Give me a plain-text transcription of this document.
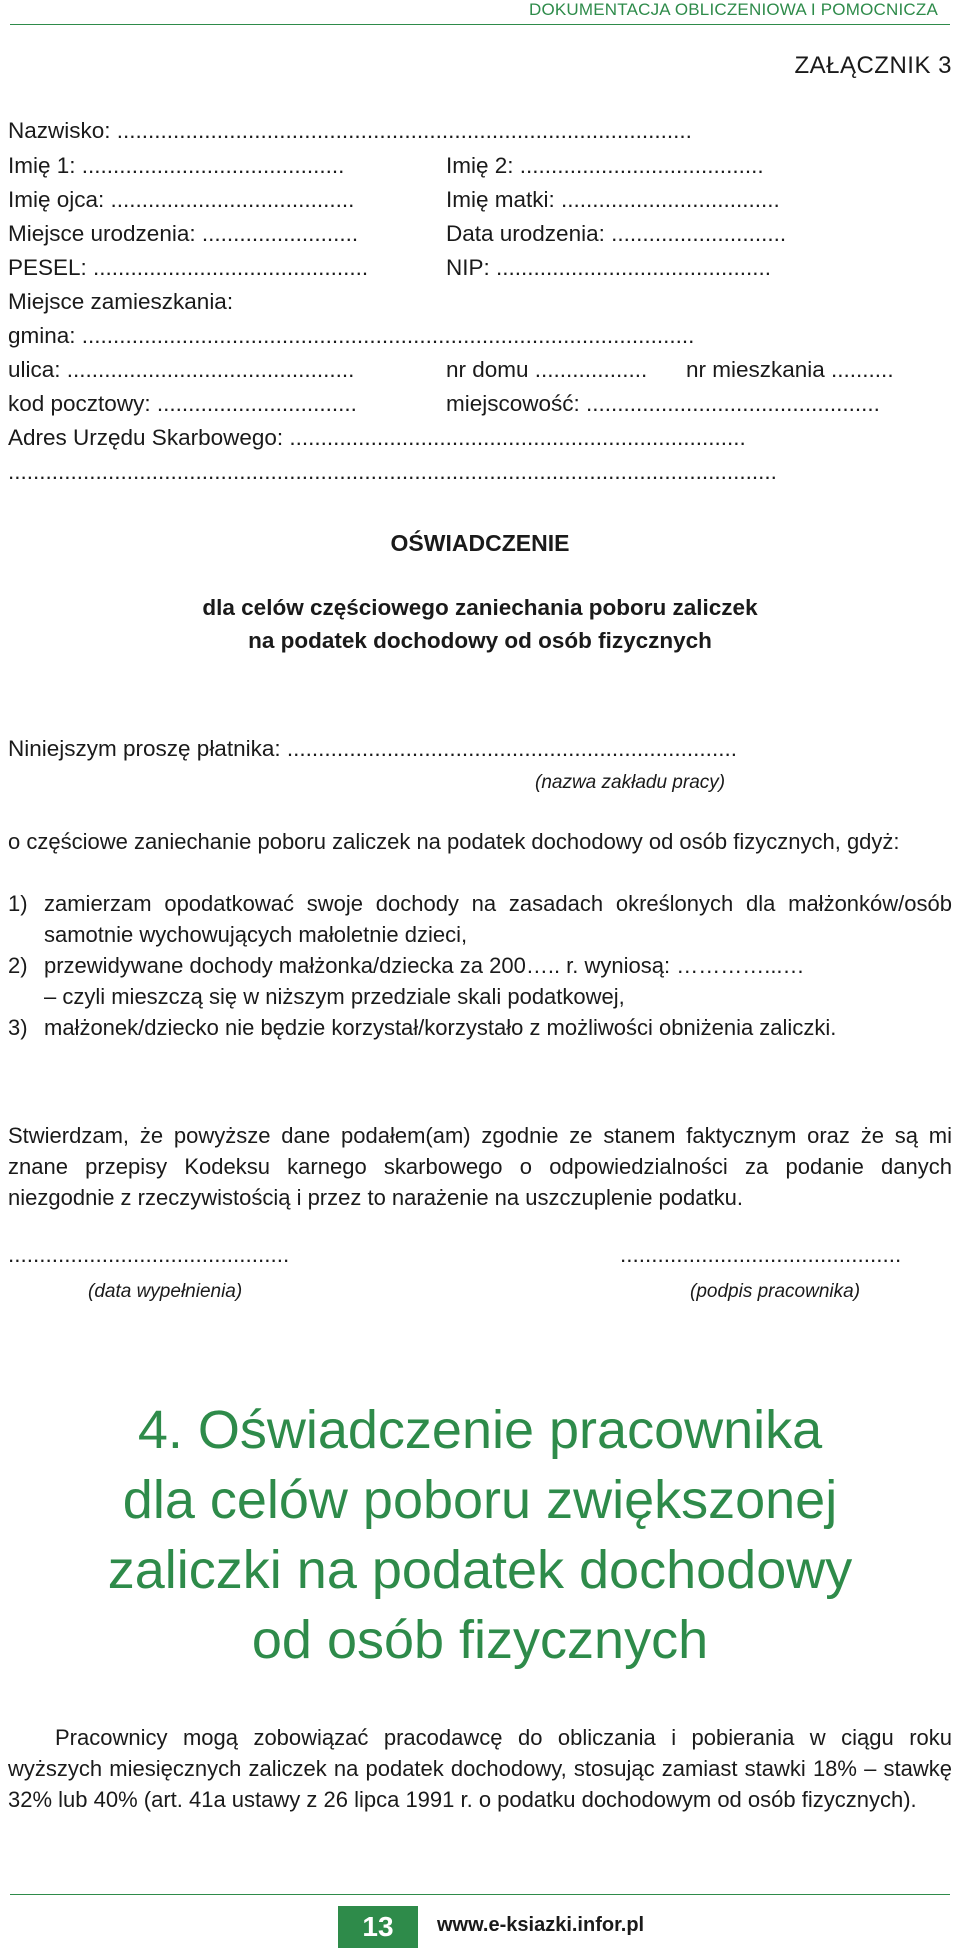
DOKUMENTACJA OBLICZENIOWA I POMOCNICZA
ZAŁĄCZNIK 3
Nazwisko: ............................................................................................
Imię 1: ..........................................	Imię 2: .......................................
Imię ojca: .......................................	Imię matki: ...................................
Miejsce urodzenia: .........................	Data urodzenia: ............................
PESEL: ............................................	NIP: ............................................
Miejsce zamieszkania:
gmina: ..................................................................................................
ulica: ..............................................	nr domu .................. nr mieszkania ..........
kod pocztowy: ................................	miejscowość: ...............................................
Adres Urzędu Skarbowego: .........................................................................
...........................................................................................................................
OŚWIADCZENIE
dla celów częściowego zaniechania poboru zaliczek
na podatek dochodowy od osób fizycznych
Niniejszym proszę płatnika: ........................................................................
(nazwa zakładu pracy)
o częściowe zaniechanie poboru zaliczek na podatek dochodowy od osób fizycznych, gdyż:
1) zamierzam opodatkować swoje dochody na zasadach określonych dla małżonków/osób samotnie wychowujących małoletnie dzieci,
2) przewidywane dochody małżonka/dziecka za 200….. r. wyniosą: …………...…
– czyli mieszczą się w niższym przedziale skali podatkowej,
3) małżonek/dziecko nie będzie korzystał/korzystało z możliwości obniżenia zaliczki.
Stwierdzam, że powyższe dane podałem(am) zgodnie ze stanem faktycznym oraz że są mi znane przepisy Kodeksu karnego skarbowego o odpowiedzialności za podanie danych niezgodnie z rzeczywistością i przez to narażenie na uszczuplenie podatku.
.............................................	.............................................
(data wypełnienia)	(podpis pracownika)
4. Oświadczenie pracownika
dla celów poboru zwiększonej
zaliczki na podatek dochodowy
od osób fizycznych
Pracownicy mogą zobowiązać pracodawcę do obliczania i pobierania w ciągu roku wyższych miesięcznych zaliczek na podatek dochodowy, stosując zamiast stawki 18% – stawkę 32% lub 40% (art. 41a ustawy z 26 lipca 1991 r. o podatku dochodowym od osób fizycznych).
13	www.e-ksiazki.infor.pl
